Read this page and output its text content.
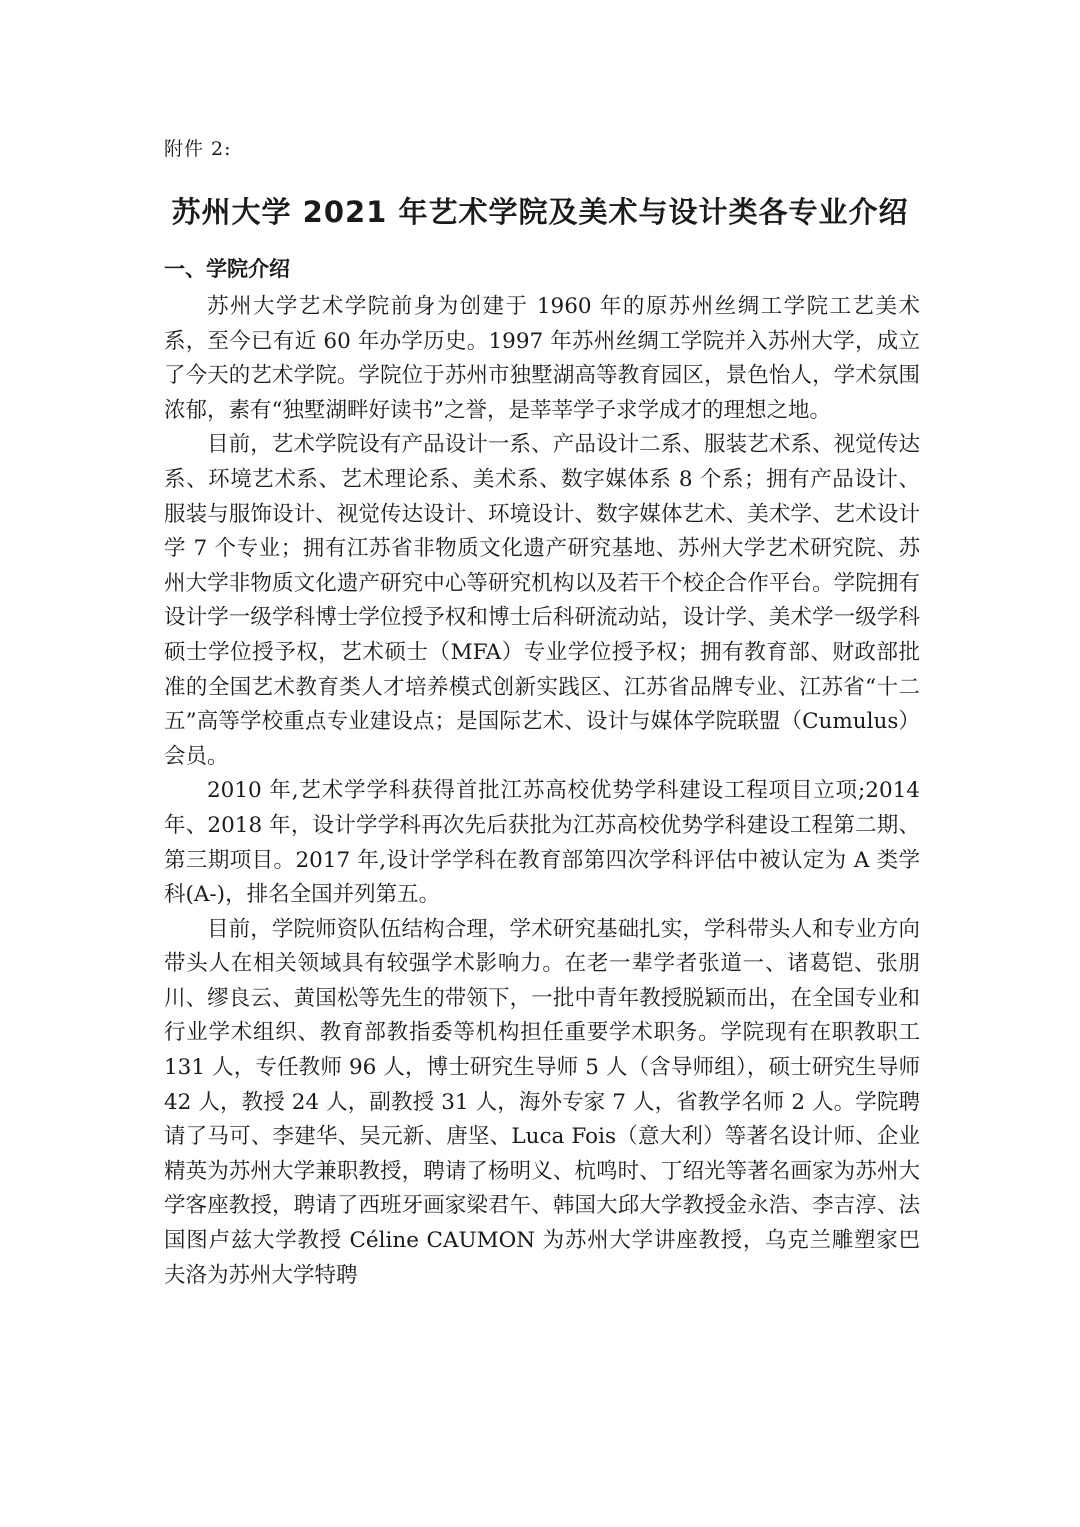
附件 2:
苏州大学 2021 年艺术学院及美术与设计类各专业介绍
一、学院介绍

苏州大学艺术学院前身为创建于 1960 年的原苏州丝绸工学院工艺美术系，至今已有近 60 年办学历史。1997 年苏州丝绸工学院并入苏州大学，成立了今天的艺术学院。学院位于苏州市独墅湖高等教育园区，景色怡人，学术氛围浓郁，素有“独墅湖畔好读书”之誉，是莘莘学子求学成才的理想之地。

目前，艺术学院设有产品设计一系、产品设计二系、服装艺术系、视觉传达系、环境艺术系、艺术理论系、美术系、数字媒体系 8 个系；拥有产品设计、服装与服饰设计、视觉传达设计、环境设计、数字媒体艺术、美术学、艺术设计学 7 个专业；拥有江苏省非物质文化遗产研究基地、苏州大学艺术研究院、苏州大学非物质文化遗产研究中心等研究机构以及若干个校企合作平台。学院拥有设计学一级学科博士学位授予权和博士后科研流动站，设计学、美术学一级学科硕士学位授予权，艺术硕士（MFA）专业学位授予权；拥有教育部、财政部批准的全国艺术教育类人才培养模式创新实践区、江苏省品牌专业、江苏省“十二五”高等学校重点专业建设点；是国际艺术、设计与媒体学院联盟（Cumulus）会员。

2010 年,艺术学学科获得首批江苏高校优势学科建设工程项目立项;2014 年、2018 年，设计学学科再次先后获批为江苏高校优势学科建设工程第二期、第三期项目。2017 年,设计学学科在教育部第四次学科评估中被认定为 A 类学科(A-)，排名全国并列第五。

目前，学院师资队伍结构合理，学术研究基础扎实，学科带头人和专业方向带头人在相关领域具有较强学术影响力。在老一辈学者张道一、诸葛铠、张朋川、缪良云、黄国松等先生的带领下，一批中青年教授脱颖而出，在全国专业和行业学术组织、教育部教指委等机构担任重要学术职务。学院现有在职教职工 131 人，专任教师 96 人，博士研究生导师 5 人（含导师组），硕士研究生导师 42 人，教授 24 人，副教授 31 人，海外专家 7 人，省教学名师 2 人。学院聘请了马可、李建华、吴元新、唐坚、Luca Fois（意大利）等著名设计师、企业精英为苏州大学兼职教授，聘请了杨明义、杭鸣时、丁绍光等著名画家为苏州大学客座教授，聘请了西班牙画家梁君午、韩国大邱大学教授金永浩、李吉淳、法国图卢兹大学教授 Céline CAUMON 为苏州大学讲座教授，乌克兰雕塑家巴夫洛为苏州大学特聘
